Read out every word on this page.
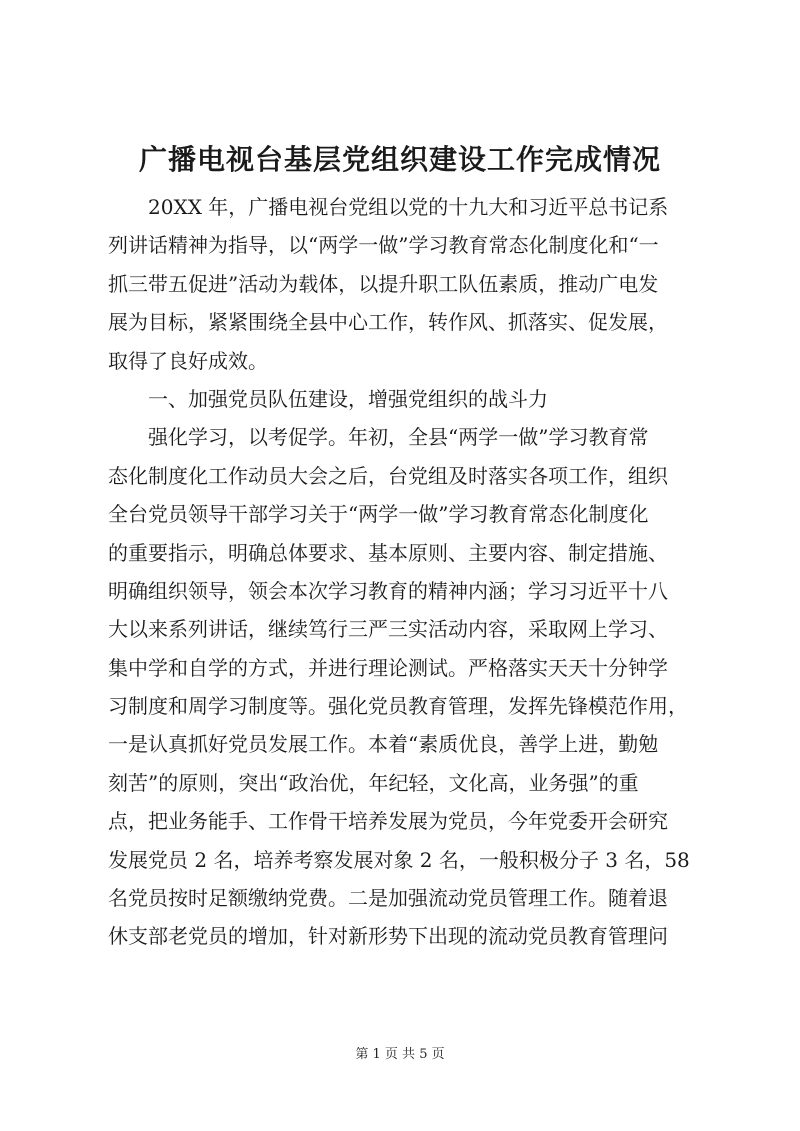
广播电视台基层党组织建设工作完成情况
20XX 年，广播电视台党组以党的十九大和习近平总书记系
列讲话精神为指导，以“两学一做”学习教育常态化制度化和“一
抓三带五促进”活动为载体，以提升职工队伍素质，推动广电发
展为目标，紧紧围绕全县中心工作，转作风、抓落实、促发展，
取得了良好成效。
一、加强党员队伍建设，增强党组织的战斗力
强化学习，以考促学。年初，全县“两学一做”学习教育常
态化制度化工作动员大会之后，台党组及时落实各项工作，组织
全台党员领导干部学习关于“两学一做”学习教育常态化制度化
的重要指示，明确总体要求、基本原则、主要内容、制定措施、
明确组织领导，领会本次学习教育的精神内涵；学习习近平十八
大以来系列讲话，继续笃行三严三实活动内容，采取网上学习、
集中学和自学的方式，并进行理论测试。严格落实天天十分钟学
习制度和周学习制度等。强化党员教育管理，发挥先锋模范作用，
一是认真抓好党员发展工作。本着“素质优良，善学上进，勤勉
刻苦”的原则，突出“政治优，年纪轻，文化高，业务强”的重
点，把业务能手、工作骨干培养发展为党员，今年党委开会研究
发展党员 2 名，培养考察发展对象 2 名，一般积极分子 3 名，58
名党员按时足额缴纳党费。二是加强流动党员管理工作。随着退
休支部老党员的增加，针对新形势下出现的流动党员教育管理问
第 1 页 共 5 页
